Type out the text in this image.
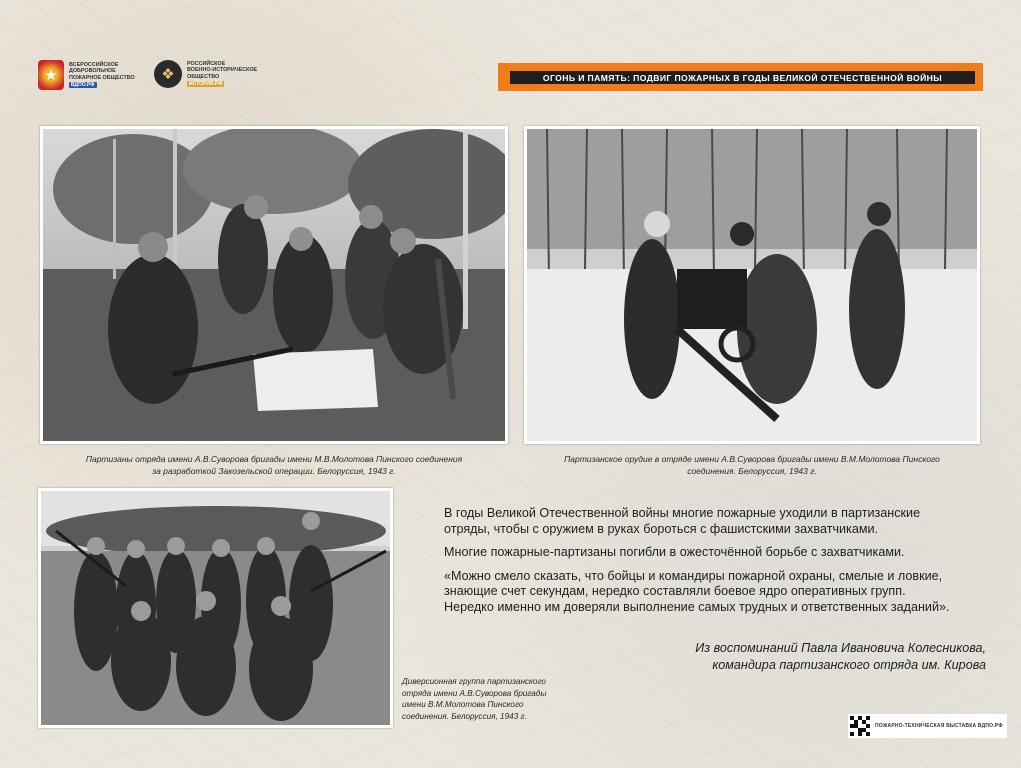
★
ВСЕРОССИЙСКОЕ
ДОБРОВОЛЬНОЕ
ПОЖАРНОЕ ОБЩЕСТВО
ВДПО.РФ
❖
РОССИЙСКОЕ
ВОЕННО-ИСТОРИЧЕСКОЕ
ОБЩЕСТВО
ИСТОРИЯ.РФ
ОГОНЬ И ПАМЯТЬ: ПОДВИГ ПОЖАРНЫХ В ГОДЫ ВЕЛИКОЙ ОТЕЧЕСТВЕННОЙ ВОЙНЫ
Партизаны отряда имени А.В.Суворова бригады имени М.В.Молотова Пинского соединения
за разработкой Закозельской операции. Белоруссия, 1943 г.
Партизанское орудие в отряде имени А.В.Суворова бригады имени В.М.Молотова Пинского
соединения. Белоруссия, 1943 г.
Диверсионная группа партизанского
отряда имени А.В.Суворова бригады
имени В.М.Молотова Пинского
соединения. Белоруссия, 1943 г.

В годы Великой Отечественной войны многие пожарные уходили в партизанские
отряды, чтобы с оружием в руках бороться с фашистскими захватчиками.

Многие пожарные-партизаны погибли в ожесточённой борьбе с захватчиками.

«Можно смело сказать, что бойцы и командиры пожарной охраны, смелые и ловкие,
знающие счет секундам, нередко составляли боевое ядро оперативных групп.
Нередко именно им доверяли выполнение самых трудных и ответственных заданий».

Из воспоминаний Павла Ивановича Колесникова,
командира партизанского отряда им. Кирова
ПОЖАРНО-ТЕХНИЧЕСКАЯ ВЫСТАВКА ВДПО.РФ
